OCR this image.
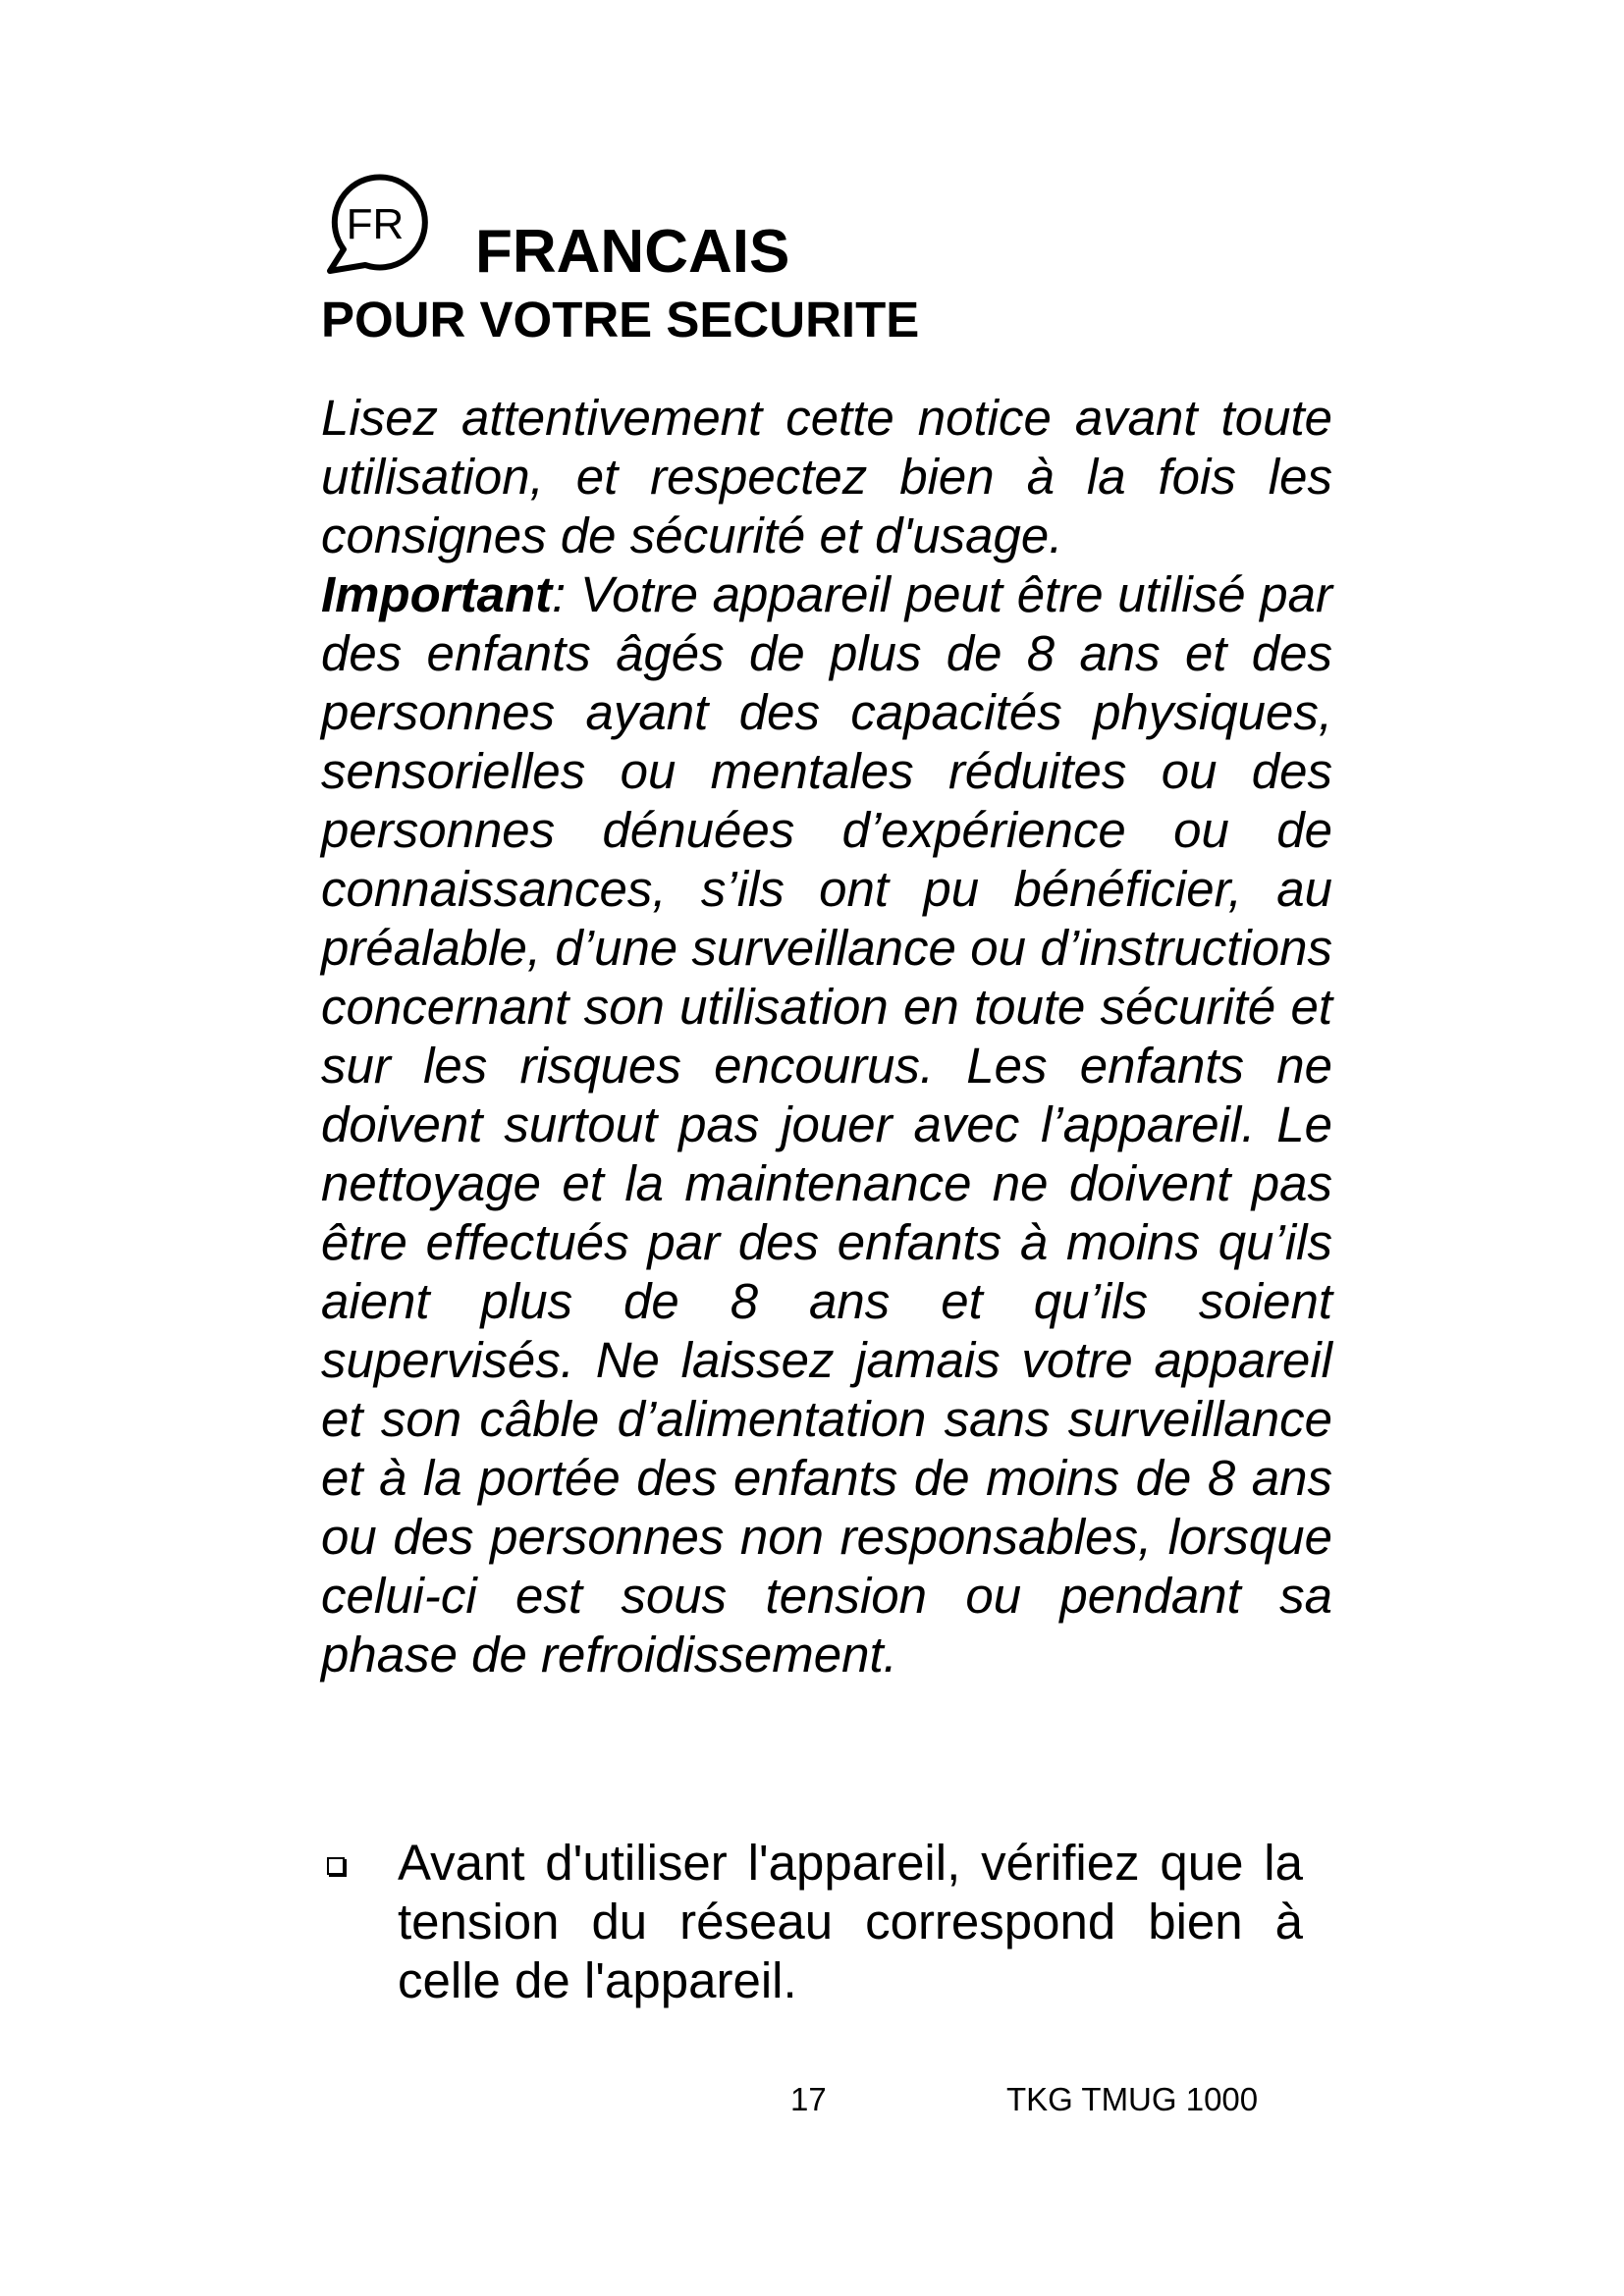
FR FRANCAIS
POUR VOTRE SECURITE

Lisez attentivement cette notice avant toute utilisation, et respectez bien à la fois les consignes de sécurité et d'usage.

Important: Votre appareil peut être utilisé par des enfants âgés de plus de 8 ans et des personnes ayant des capacités physiques, sensorielles ou mentales réduites ou des personnes dénuées d’expérience ou de connaissances, s’ils ont pu bénéficier, au préalable, d’une surveillance ou d’instructions concernant son utilisation en toute sécurité et sur les risques encourus. Les enfants ne doivent surtout pas jouer avec l’appareil. Le nettoyage et la maintenance ne doivent pas être effectués par des enfants à moins qu’ils aient plus de 8 ans et qu’ils soient supervisés. Ne laissez jamais votre appareil et son câble d’alimentation sans surveillance et à la portée des enfants de moins de 8 ans ou des personnes non responsables, lorsque celui-ci est sous tension ou pendant sa phase de refroidissement.

Avant d'utiliser l'appareil, vérifiez que la tension du réseau correspond bien à celle de l'appareil.
17	TKG TMUG 1000
